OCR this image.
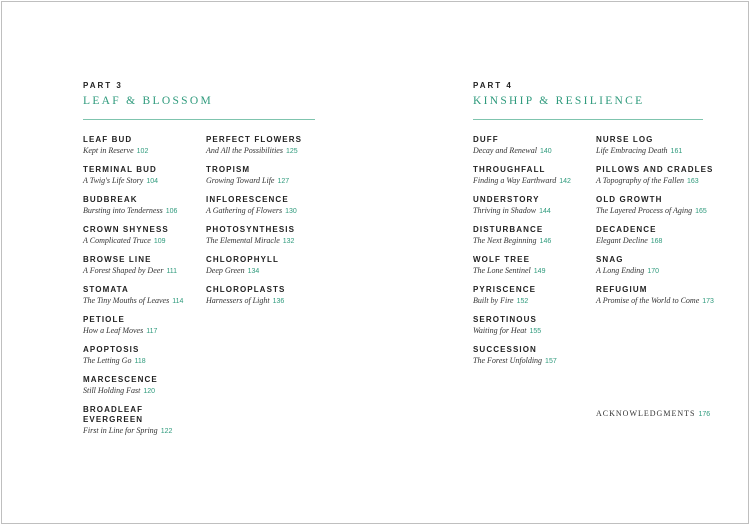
PART 3
LEAF & BLOSSOM
LEAF BUD
Kept in Reserve 102
TERMINAL BUD
A Twig's Life Story 104
BUDBREAK
Bursting into Tenderness 106
CROWN SHYNESS
A Complicated Truce 109
BROWSE LINE
A Forest Shaped by Deer 111
STOMATA
The Tiny Mouths of Leaves 114
PETIOLE
How a Leaf Moves 117
APOPTOSIS
The Letting Go 118
MARCESCENCE
Still Holding Fast 120
BROADLEAF EVERGREEN
First in Line for Spring 122
PERFECT FLOWERS
And All the Possibilities 125
TROPISM
Growing Toward Life 127
INFLORESCENCE
A Gathering of Flowers 130
PHOTOSYNTHESIS
The Elemental Miracle 132
CHLOROPHYLL
Deep Green 134
CHLOROPLASTS
Harnessers of Light 136
PART 4
KINSHIP & RESILIENCE
DUFF
Decay and Renewal 140
THROUGHFALL
Finding a Way Earthward 142
UNDERSTORY
Thriving in Shadow 144
DISTURBANCE
The Next Beginning 146
WOLF TREE
The Lone Sentinel 149
PYRISCENCE
Built by Fire 152
SEROTINOUS
Waiting for Heat 155
SUCCESSION
The Forest Unfolding 157
NURSE LOG
Life Embracing Death 161
PILLOWS AND CRADLES
A Topography of the Fallen 163
OLD GROWTH
The Layered Process of Aging 165
DECADENCE
Elegant Decline 168
SNAG
A Long Ending 170
REFUGIUM
A Promise of the World to Come 173
ACKNOWLEDGMENTS 176
